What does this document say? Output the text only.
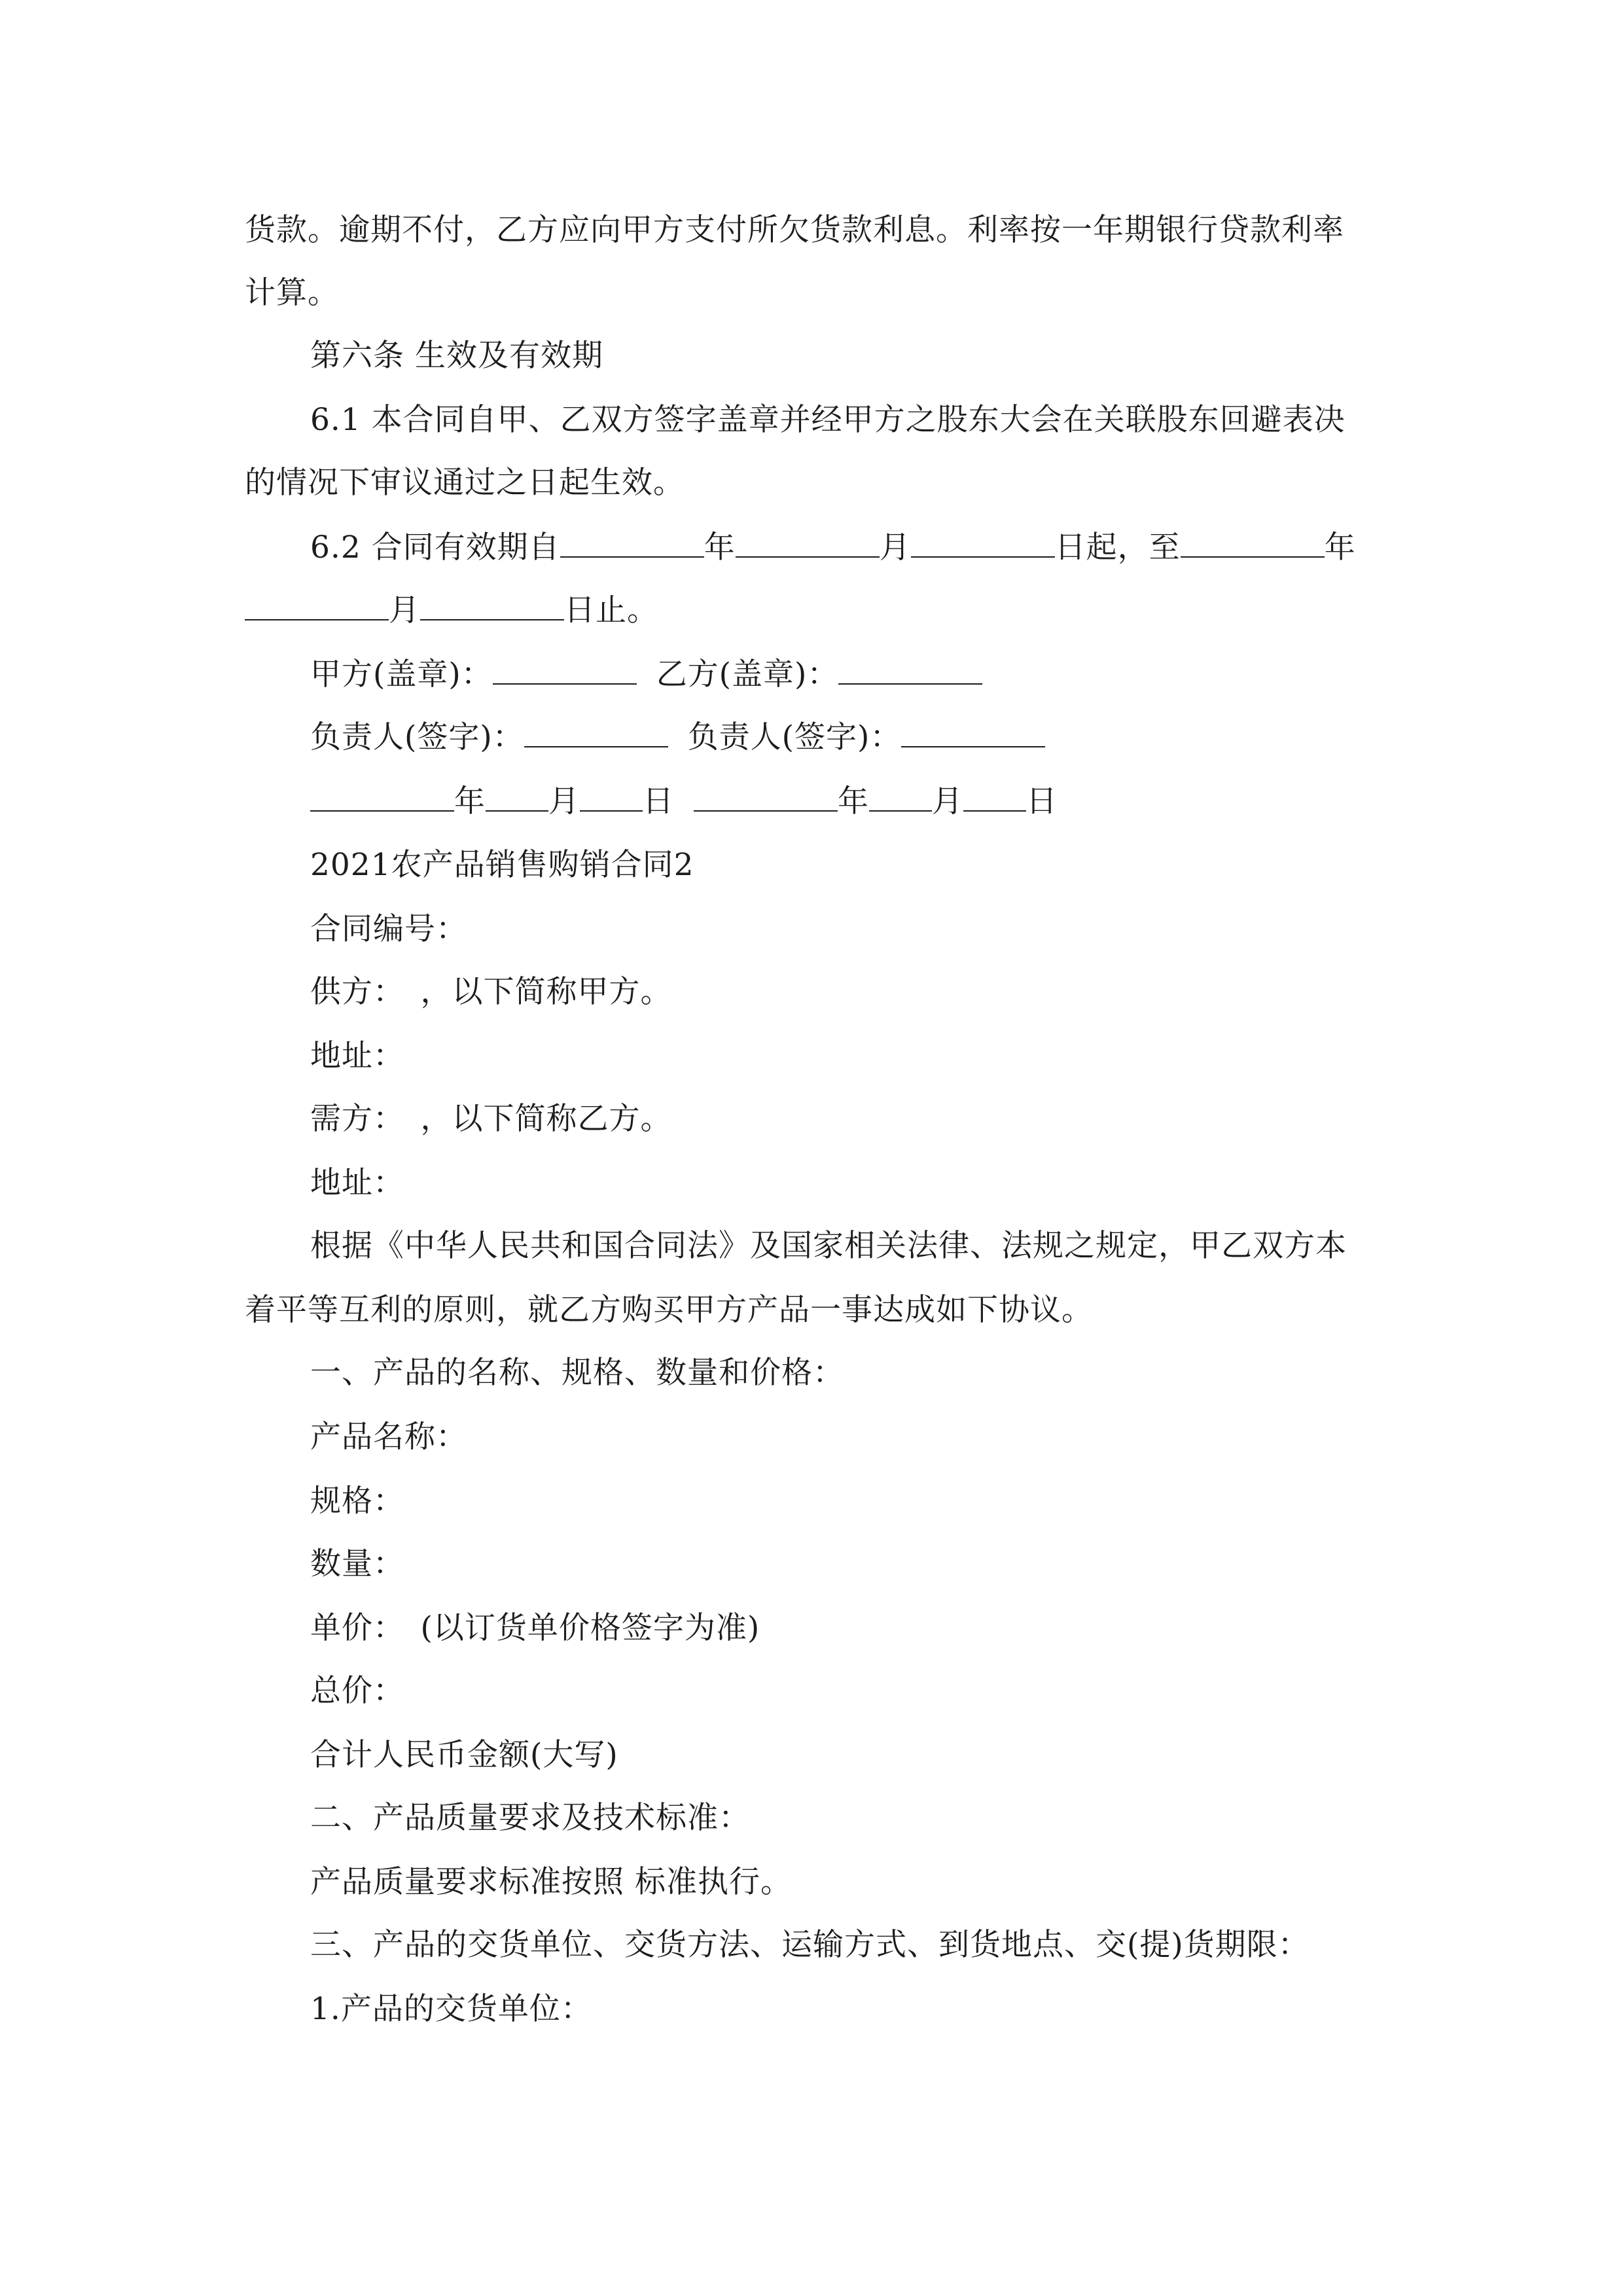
货款。逾期不付，乙方应向甲方支付所欠货款利息。利率按一年期银行贷款利率
计算。
第六条 生效及有效期
6.1 本合同自甲、乙双方签字盖章并经甲方之股东大会在关联股东回避表决
的情况下审议通过之日起生效。
6.2 合同有效期自	年	月	日起，至	年
月	日止。
甲方(盖章)：	乙方(盖章)：
负责人(签字)：	负责人(签字)：
年 月 日	年 月 日
2021农产品销售购销合同2
合同编号：
供方：　，以下简称甲方。
地址：
需方：　，以下简称乙方。
地址：
根据《中华人民共和国合同法》及国家相关法律、法规之规定，甲乙双方本
着平等互利的原则，就乙方购买甲方产品一事达成如下协议。
一、产品的名称、规格、数量和价格：
产品名称：
规格：
数量：
单价：　(以订货单价格签字为准)
总价：
合计人民币金额(大写)
二、产品质量要求及技术标准：
产品质量要求标准按照 标准执行。
三、产品的交货单位、交货方法、运输方式、到货地点、交(提)货期限：
1.产品的交货单位：
